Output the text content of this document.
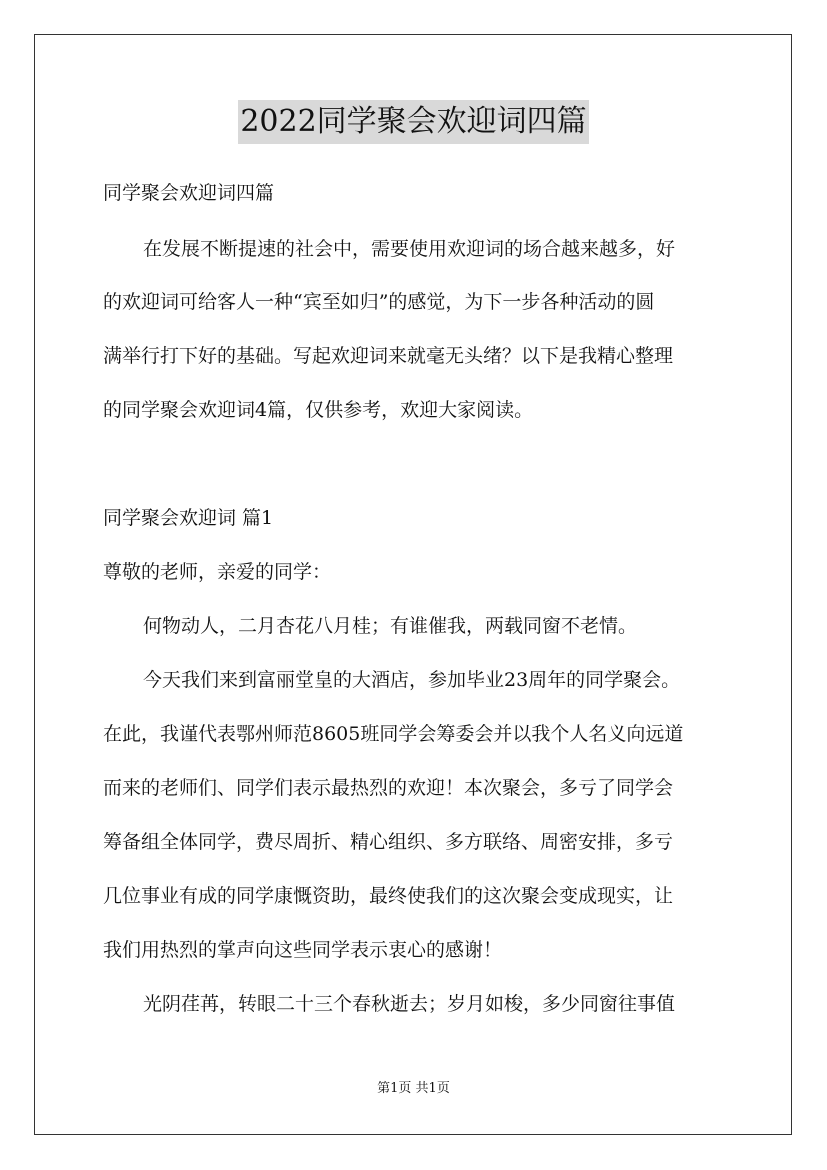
2022同学聚会欢迎词四篇
同学聚会欢迎词四篇
在发展不断提速的社会中，需要使用欢迎词的场合越来越多，好
的欢迎词可给客人一种“宾至如归”的感觉，为下一步各种活动的圆
满举行打下好的基础。写起欢迎词来就毫无头绪？以下是我精心整理
的同学聚会欢迎词4篇，仅供参考，欢迎大家阅读。
同学聚会欢迎词 篇1
尊敬的老师，亲爱的同学：
何物动人，二月杏花八月桂；有谁催我，两载同窗不老情。
今天我们来到富丽堂皇的大酒店，参加毕业23周年的同学聚会。
在此，我谨代表鄂州师范8605班同学会筹委会并以我个人名义向远道
而来的老师们、同学们表示最热烈的欢迎！本次聚会，多亏了同学会
筹备组全体同学，费尽周折、精心组织、多方联络、周密安排，多亏
几位事业有成的同学康慨资助，最终使我们的这次聚会变成现实，让
我们用热烈的掌声向这些同学表示衷心的感谢！
光阴荏苒，转眼二十三个春秋逝去；岁月如梭，多少同窗往事值
第1页 共1页
